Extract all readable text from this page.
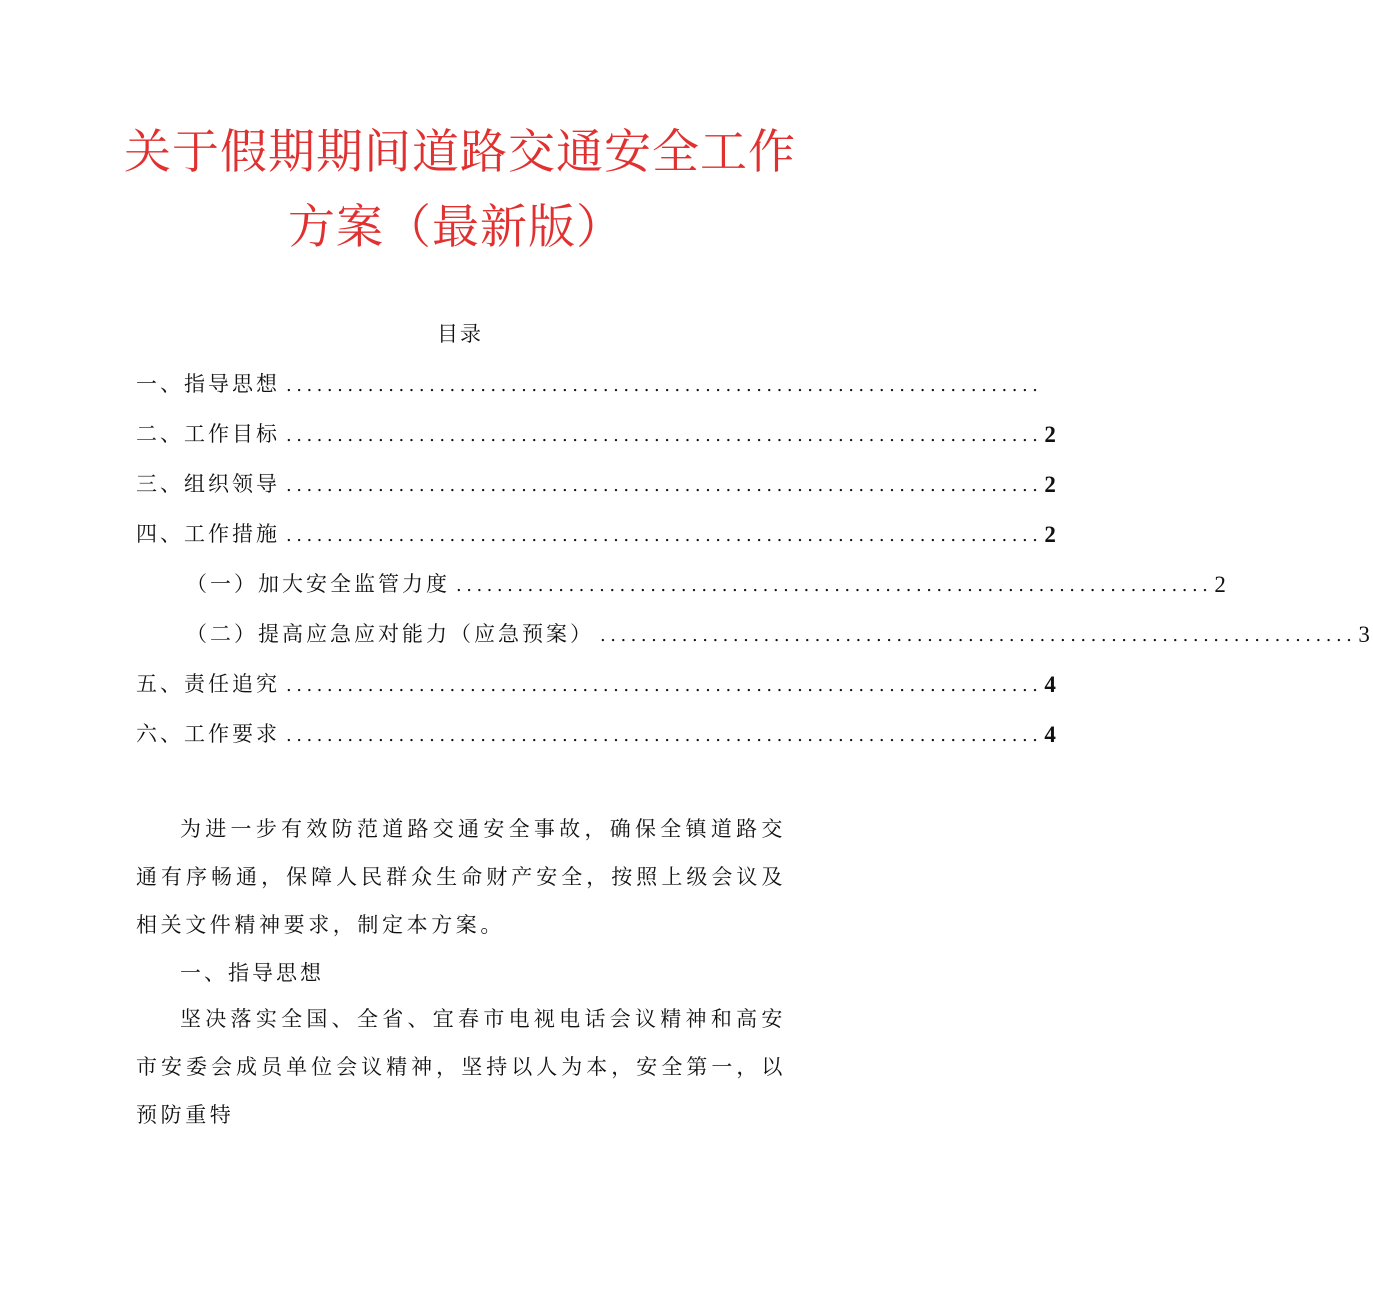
关于假期期间道路交通安全工作
方案（最新版）
目录
一、指导思想 ..........................................................................
二、工作目标 .......................................................................... 2
三、组织领导 .......................................................................... 2
四、工作措施 .......................................................................... 2
（一）加大安全监管力度 .......................................................................... 2
（二）提高应急应对能力（应急预案） .......................................................................... 3
五、责任追究 .......................................................................... 4
六、工作要求 .......................................................................... 4

为进一步有效防范道路交通安全事故，确保全镇道路交通有序畅通，保障人民群众生命财产安全，按照上级会议及相关文件精神要求，制定本方案。

一、指导思想

坚决落实全国、全省、宜春市电视电话会议精神和高安市安委会成员单位会议精神，坚持以人为本，安全第一，以预防重特
